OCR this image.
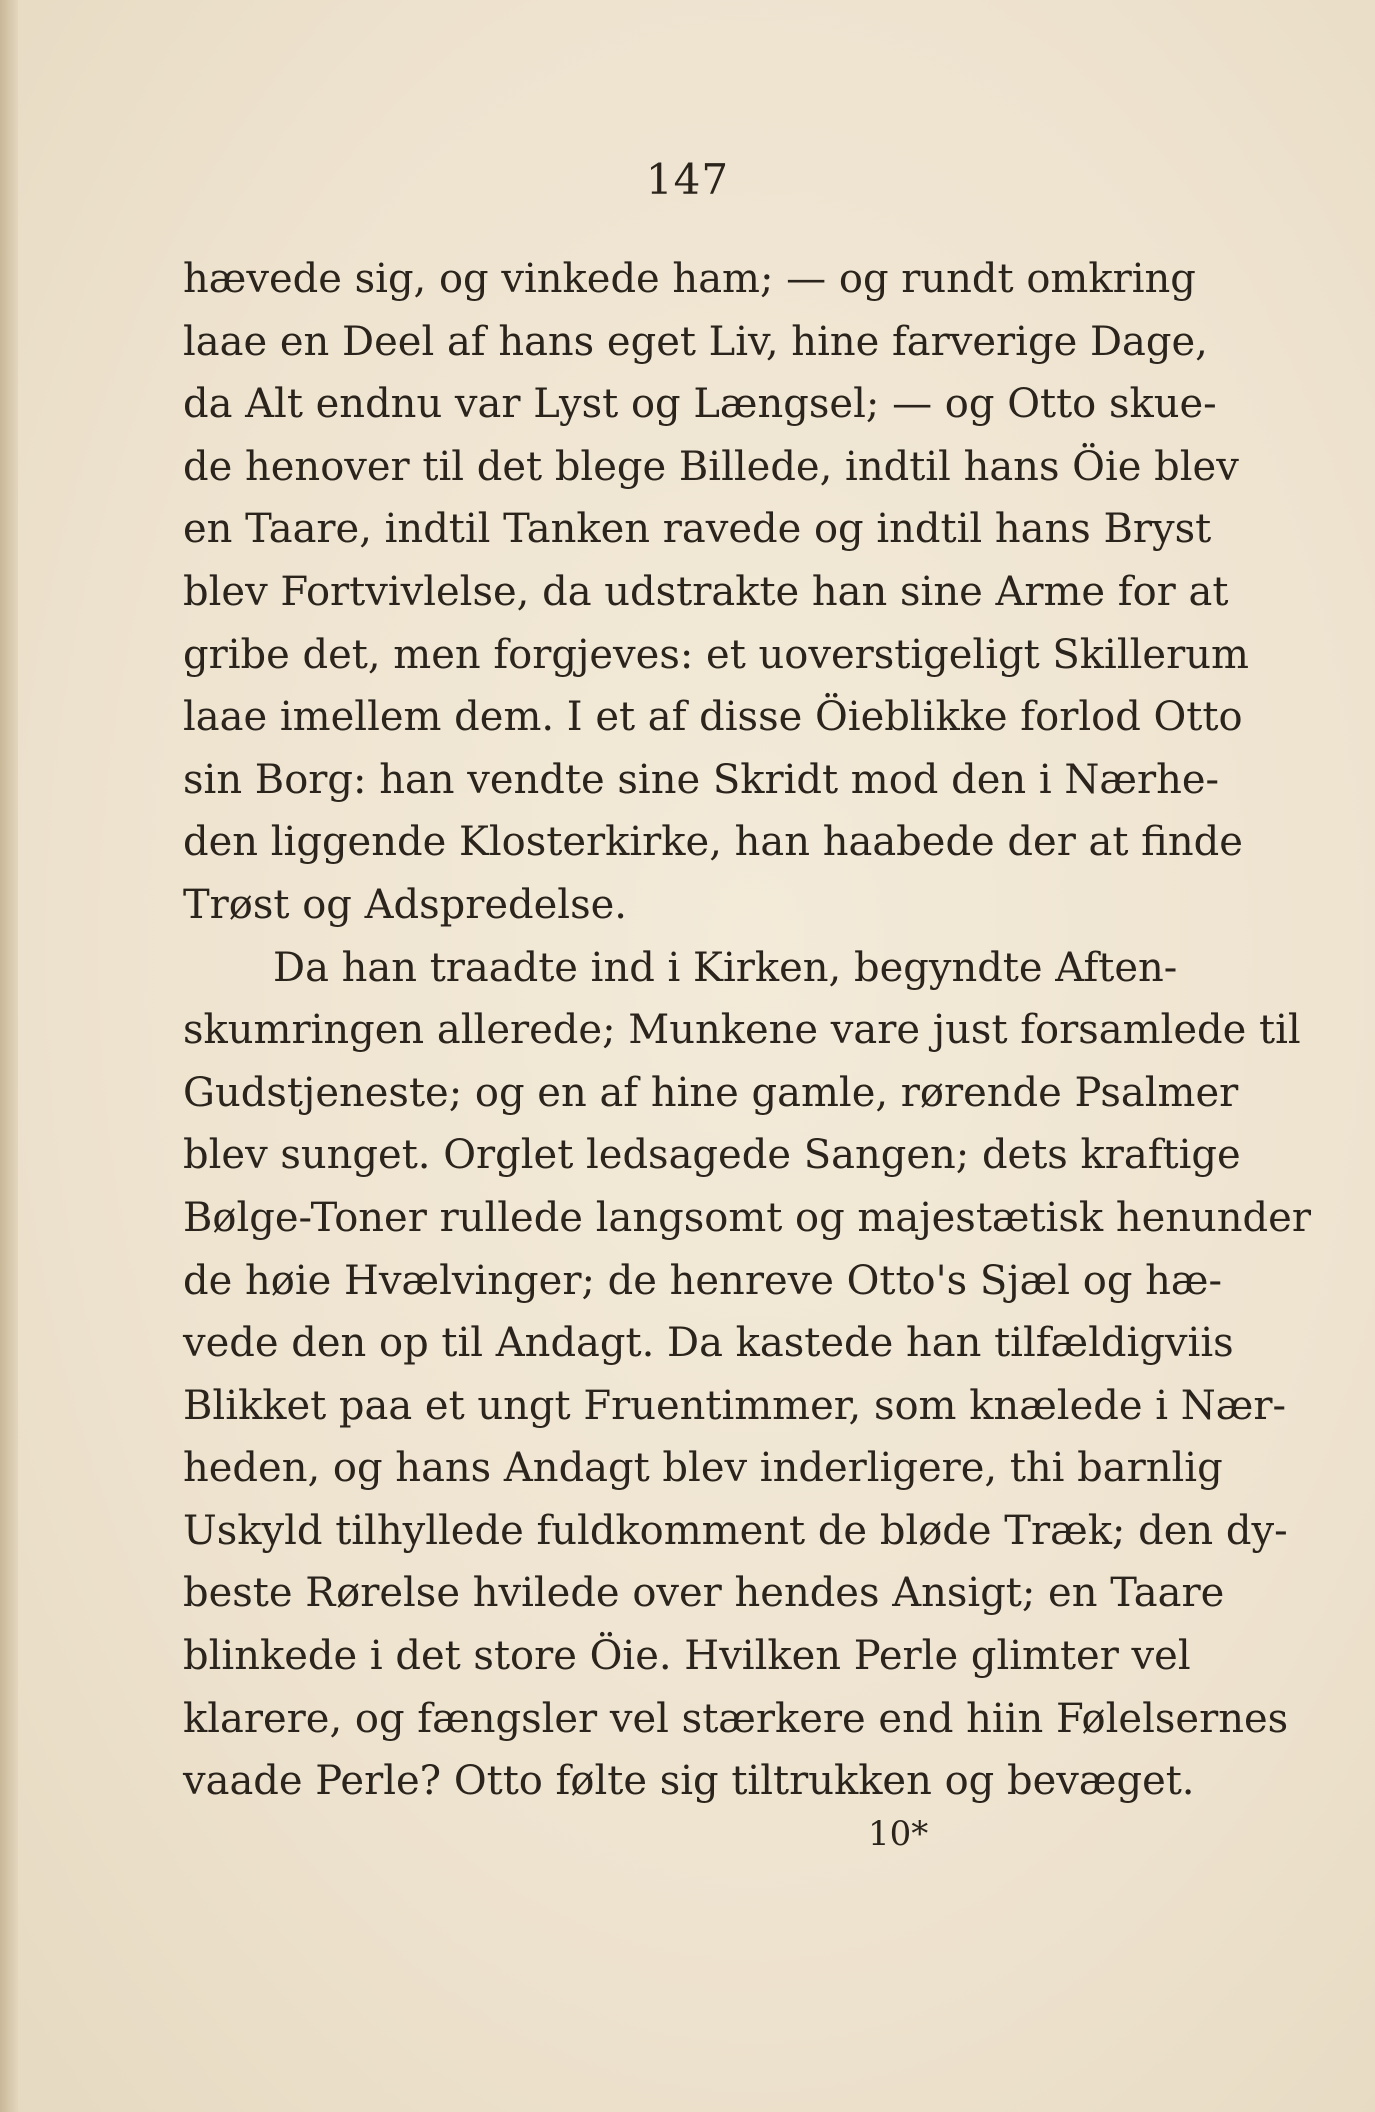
147
hævede sig, og vinkede ham; — og rundt omkring
laae en Deel af hans eget Liv, hine farverige Dage,
da Alt endnu var Lyst og Længsel; — og Otto skue-
de henover til det blege Billede, indtil hans Öie blev
en Taare, indtil Tanken ravede og indtil hans Bryst
blev Fortvivlelse, da udstrakte han sine Arme for at
gribe det, men forgjeves: et uoverstigeligt Skillerum
laae imellem dem. I et af disse Öieblikke forlod Otto
sin Borg: han vendte sine Skridt mod den i Nærhe-
den liggende Klosterkirke, han haabede der at finde
Trøst og Adspredelse.
Da han traadte ind i Kirken, begyndte Aften-
skumringen allerede; Munkene vare just forsamlede til
Gudstjeneste; og en af hine gamle, rørende Psalmer
blev sunget. Orglet ledsagede Sangen; dets kraftige
Bølge-Toner rullede langsomt og majestætisk henunder
de høie Hvælvinger; de henreve Otto's Sjæl og hæ-
vede den op til Andagt. Da kastede han tilfældigviis
Blikket paa et ungt Fruentimmer, som knælede i Nær-
heden, og hans Andagt blev inderligere, thi barnlig
Uskyld tilhyllede fuldkomment de bløde Træk; den dy-
beste Rørelse hvilede over hendes Ansigt; en Taare
blinkede i det store Öie. Hvilken Perle glimter vel
klarere, og fængsler vel stærkere end hiin Følelsernes
vaade Perle? Otto følte sig tiltrukken og bevæget.
10*
